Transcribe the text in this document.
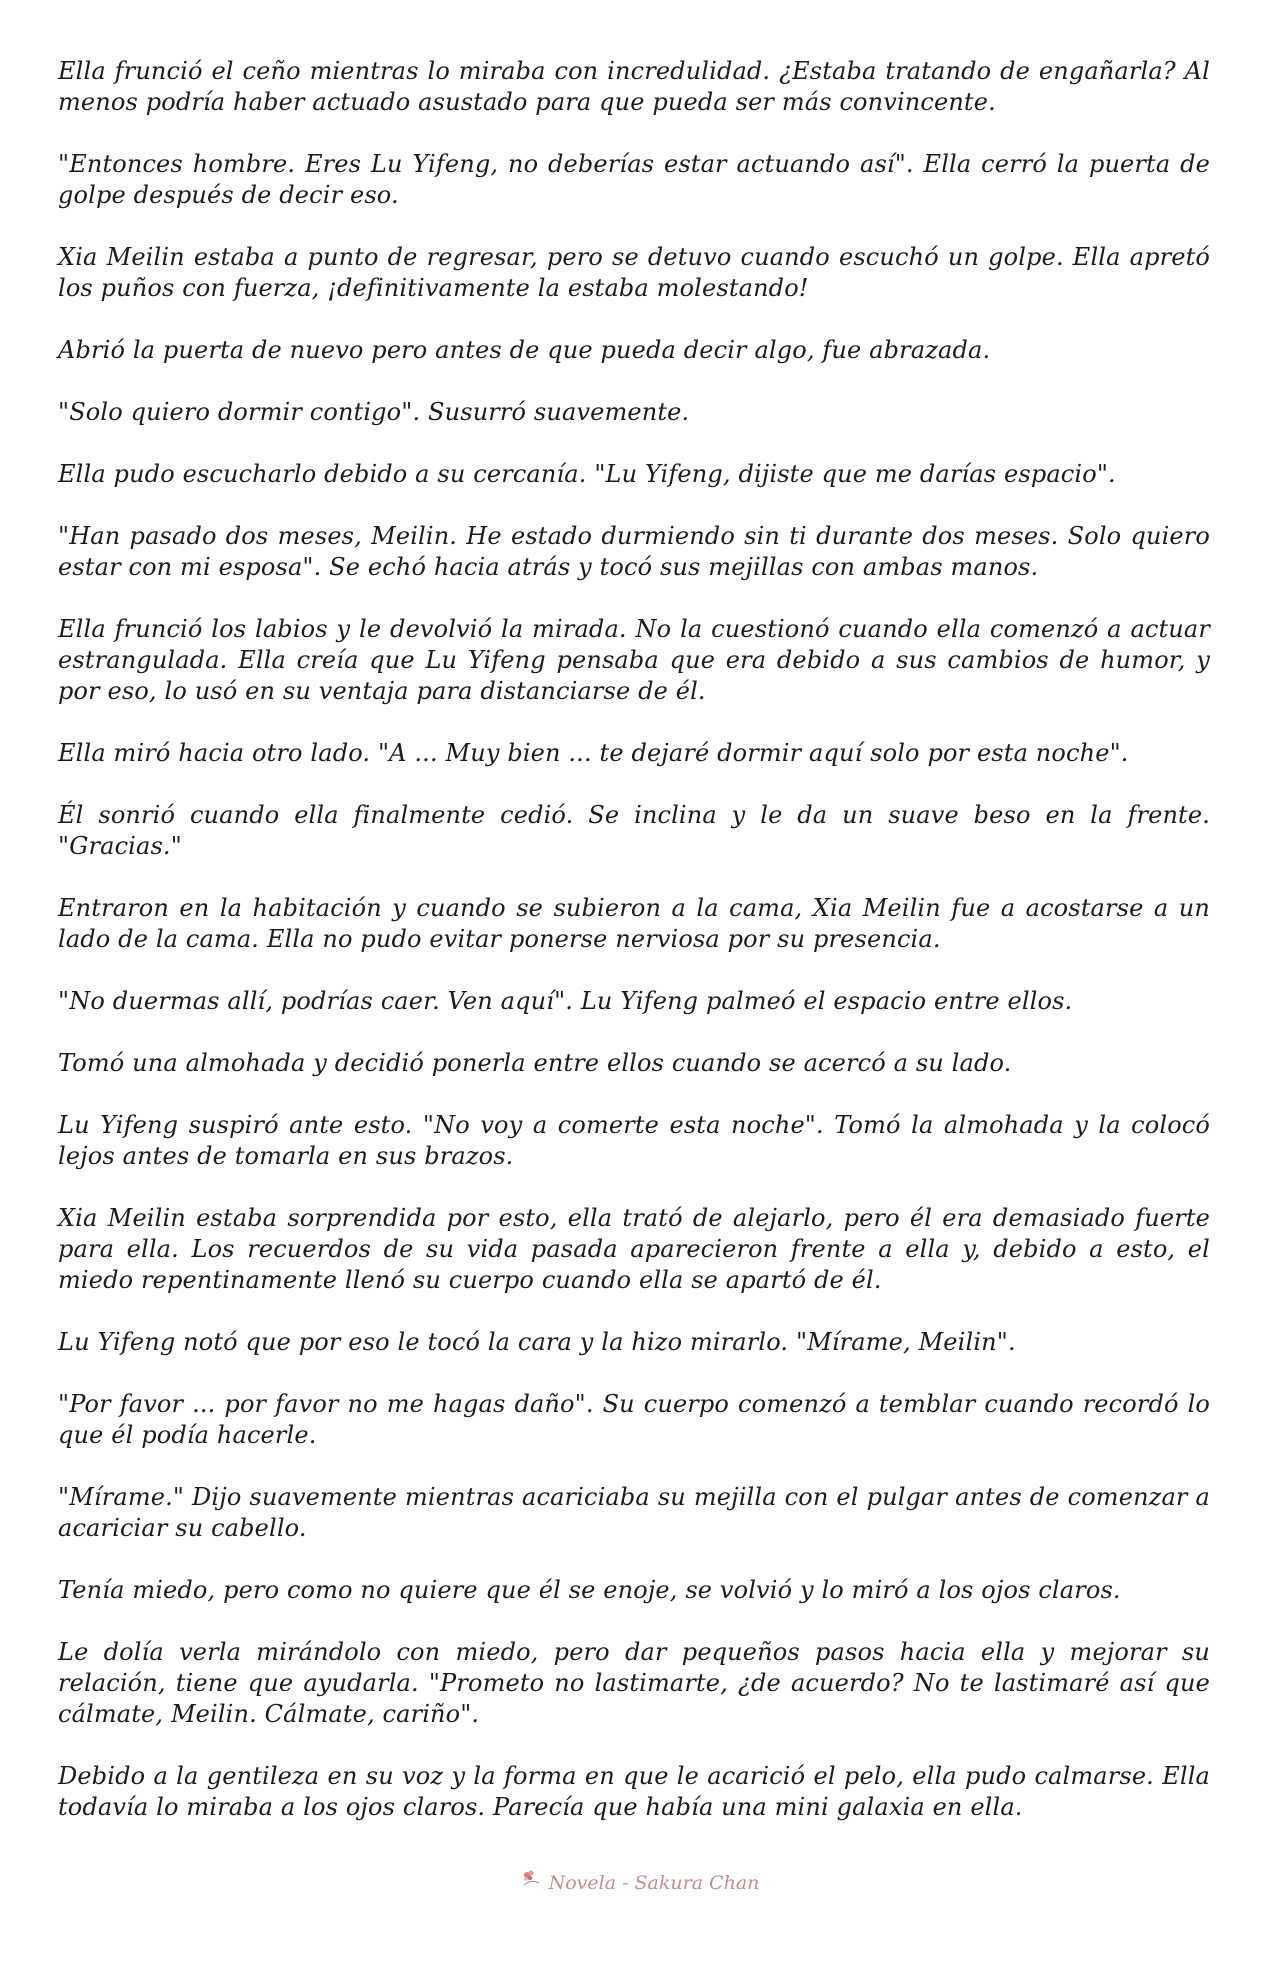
Ella frunció el ceño mientras lo miraba con incredulidad. ¿Estaba tratando de engañarla? Al menos podría haber actuado asustado para que pueda ser más convincente.

"Entonces hombre. Eres Lu Yifeng, no deberías estar actuando así". Ella cerró la puerta de golpe después de decir eso.

Xia Meilin estaba a punto de regresar, pero se detuvo cuando escuchó un golpe. Ella apretó los puños con fuerza, ¡definitivamente la estaba molestando!

Abrió la puerta de nuevo pero antes de que pueda decir algo, fue abrazada.

"Solo quiero dormir contigo". Susurró suavemente.

Ella pudo escucharlo debido a su cercanía. "Lu Yifeng, dijiste que me darías espacio".

"Han pasado dos meses, Meilin. He estado durmiendo sin ti durante dos meses. Solo quiero estar con mi esposa". Se echó hacia atrás y tocó sus mejillas con ambas manos.

Ella frunció los labios y le devolvió la mirada. No la cuestionó cuando ella comenzó a actuar estrangulada. Ella creía que Lu Yifeng pensaba que era debido a sus cambios de humor, y por eso, lo usó en su ventaja para distanciarse de él.

Ella miró hacia otro lado. "A ... Muy bien ... te dejaré dormir aquí solo por esta noche".

Él sonrió cuando ella finalmente cedió. Se inclina y le da un suave beso en la frente. "Gracias."

Entraron en la habitación y cuando se subieron a la cama, Xia Meilin fue a acostarse a un lado de la cama. Ella no pudo evitar ponerse nerviosa por su presencia.

"No duermas allí, podrías caer. Ven aquí". Lu Yifeng palmeó el espacio entre ellos.

Tomó una almohada y decidió ponerla entre ellos cuando se acercó a su lado.

Lu Yifeng suspiró ante esto. "No voy a comerte esta noche". Tomó la almohada y la colocó lejos antes de tomarla en sus brazos.

Xia Meilin estaba sorprendida por esto, ella trató de alejarlo, pero él era demasiado fuerte para ella. Los recuerdos de su vida pasada aparecieron frente a ella y, debido a esto, el miedo repentinamente llenó su cuerpo cuando ella se apartó de él.

Lu Yifeng notó que por eso le tocó la cara y la hizo mirarlo. "Mírame, Meilin".

"Por favor ... por favor no me hagas daño". Su cuerpo comenzó a temblar cuando recordó lo que él podía hacerle.

"Mírame." Dijo suavemente mientras acariciaba su mejilla con el pulgar antes de comenzar a acariciar su cabello.

Tenía miedo, pero como no quiere que él se enoje, se volvió y lo miró a los ojos claros.

Le dolía verla mirándolo con miedo, pero dar pequeños pasos hacia ella y mejorar su relación, tiene que ayudarla. "Prometo no lastimarte, ¿de acuerdo? No te lastimaré así que cálmate, Meilin. Cálmate, cariño".

Debido a la gentileza en su voz y la forma en que le acarició el pelo, ella pudo calmarse. Ella todavía lo miraba a los ojos claros. Parecía que había una mini galaxia en ella.

Novela - Sakura Chan
